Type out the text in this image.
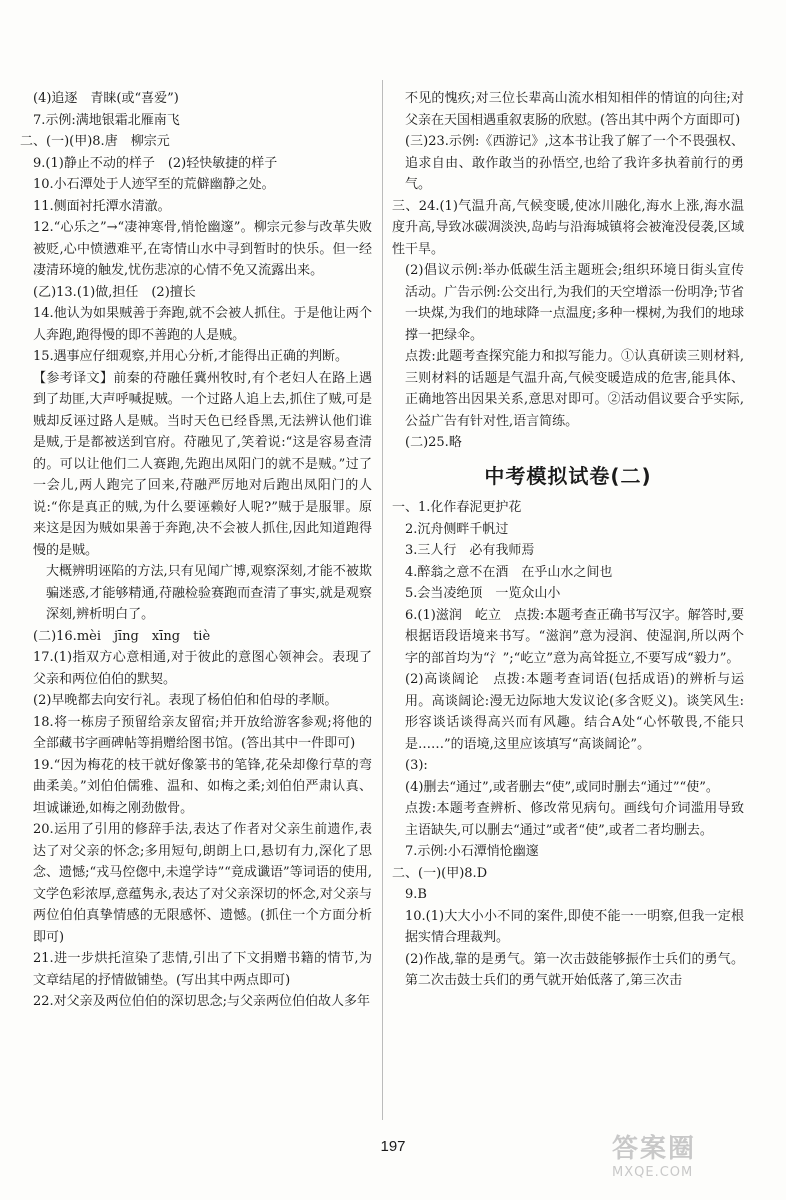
(4)追逐　青睐(或“喜爱”)

7.示例:满地银霜北雁南飞

二、(一)(甲)8.唐　柳宗元

9.(1)静止不动的样子　(2)轻快敏捷的样子

10.小石潭处于人迹罕至的荒僻幽静之处。

11.侧面衬托潭水清澈。

12.“心乐之”→“凄神寒骨,悄怆幽邃”。柳宗元参与改革失败被贬,心中愤懑难平,在寄情山水中寻到暂时的快乐。但一经凄清环境的触发,忧伤悲凉的心情不免又流露出来。

(乙)13.(1)做,担任　(2)擅长

14.他认为如果贼善于奔跑,就不会被人抓住。于是他让两个人奔跑,跑得慢的即不善跑的人是贼。

15.遇事应仔细观察,并用心分析,才能得出正确的判断。

【参考译文】前秦的苻融任冀州牧时,有个老妇人在路上遇到了劫匪,大声呼喊捉贼。一个过路人追上去,抓住了贼,可是贼却反诬过路人是贼。当时天色已经昏黑,无法辨认他们谁是贼,于是都被送到官府。苻融见了,笑着说:“这是容易查清的。可以让他们二人赛跑,先跑出凤阳门的就不是贼。”过了一会儿,两人跑完了回来,苻融严厉地对后跑出凤阳门的人说:“你是真正的贼,为什么要诬赖好人呢?”贼于是服罪。原来这是因为贼如果善于奔跑,决不会被人抓住,因此知道跑得慢的是贼。

大概辨明诬陷的方法,只有见闻广博,观察深刻,才能不被欺骗迷惑,才能够精通,苻融检验赛跑而查清了事实,就是观察深刻,辨析明白了。

(二)16.mèi　jīng　xīng　tiè

17.(1)指双方心意相通,对于彼此的意图心领神会。表现了父亲和两位伯伯的默契。

(2)早晚都去向安行礼。表现了杨伯伯和伯母的孝顺。

18.将一栋房子预留给亲友留宿;并开放给游客参观;将他的全部藏书字画碑帖等捐赠给图书馆。(答出其中一件即可)

19.“因为梅花的枝干就好像篆书的笔锋,花朵却像行草的弯曲柔美。”刘伯伯儒雅、温和、如梅之柔;刘伯伯严肃认真、坦诚谦逊,如梅之刚劲傲骨。

20.运用了引用的修辞手法,表达了作者对父亲生前遗作,表达了对父亲的怀念;多用短句,朗朗上口,悬切有力,深化了思念、遗憾;“戎马倥偬中,未遑学诗”“竟成谶语”等词语的使用,文学色彩浓厚,意蕴隽永,表达了对父亲深切的怀念,对父亲与两位伯伯真挚情感的无限感怀、遗憾。(抓住一个方面分析即可)

21.进一步烘托渲染了悲情,引出了下文捐赠书籍的情节,为文章结尾的抒情做铺垫。(写出其中两点即可)

22.对父亲及两位伯伯的深切思念;与父亲两位伯伯故人多年

不见的愧疚;对三位长辈高山流水相知相伴的情谊的向往;对父亲在天国相遇重叙衷肠的欣慰。(答出其中两个方面即可)

(三)23.示例:《西游记》,这本书让我了解了一个不畏强权、追求自由、敢作敢当的孙悟空,也给了我许多执着前行的勇气。

三、24.(1)气温升高,气候变暖,使冰川融化,海水上涨,海水温度升高,导致冰碳凋淡泱,岛屿与沿海城镇将会被淹没侵袭,区域性干旱。

(2)倡议示例:举办低碳生活主题班会;组织环境日街头宣传活动。广告示例:公交出行,为我们的天空增添一份明净;节省一块煤,为我们的地球降一点温度;多种一棵树,为我们的地球撑一把绿伞。

点拨:此题考查探究能力和拟写能力。①认真研读三则材料,三则材料的话题是气温升高,气候变暖造成的危害,能具体、正确地答出因果关系,意思对即可。②活动倡议要合乎实际,公益广告有针对性,语言简练。

(二)25.略

中考模拟试卷(二)

一、1.化作春泥更护花

2.沉舟侧畔千帆过

3.三人行　必有我师焉

4.醉翁之意不在酒　在乎山水之间也

5.会当凌绝顶　一览众山小

6.(1)滋润　屹立　点拨:本题考查正确书写汉字。解答时,要根据语段语境来书写。“滋润”意为浸润、使湿润,所以两个字的部首均为“氵”;“屹立”意为高耸挺立,不要写成“毅力”。

(2)高谈阔论　点拨:本题考查词语(包括成语)的辨析与运用。高谈阔论:漫无边际地大发议论(多含贬义)。谈笑风生:形容谈话谈得高兴而有风趣。结合A处“心怀敬畏,不能只是……”的语境,这里应该填写“高谈阔论”。

(3):

(4)删去“通过”,或者删去“使”,或同时删去“通过”“使”。

点拨:本题考查辨析、修改常见病句。画线句介词滥用导致主语缺失,可以删去“通过”或者“使”,或者二者均删去。

7.示例:小石潭悄怆幽邃

二、(一)(甲)8.D

9.B

10.(1)大大小小不同的案件,即使不能一一明察,但我一定根据实情合理裁判。

(2)作战,靠的是勇气。第一次击鼓能够振作士兵们的勇气。第二次击鼓士兵们的勇气就开始低落了,第三次击

197	答案圈
MXQE.COM
